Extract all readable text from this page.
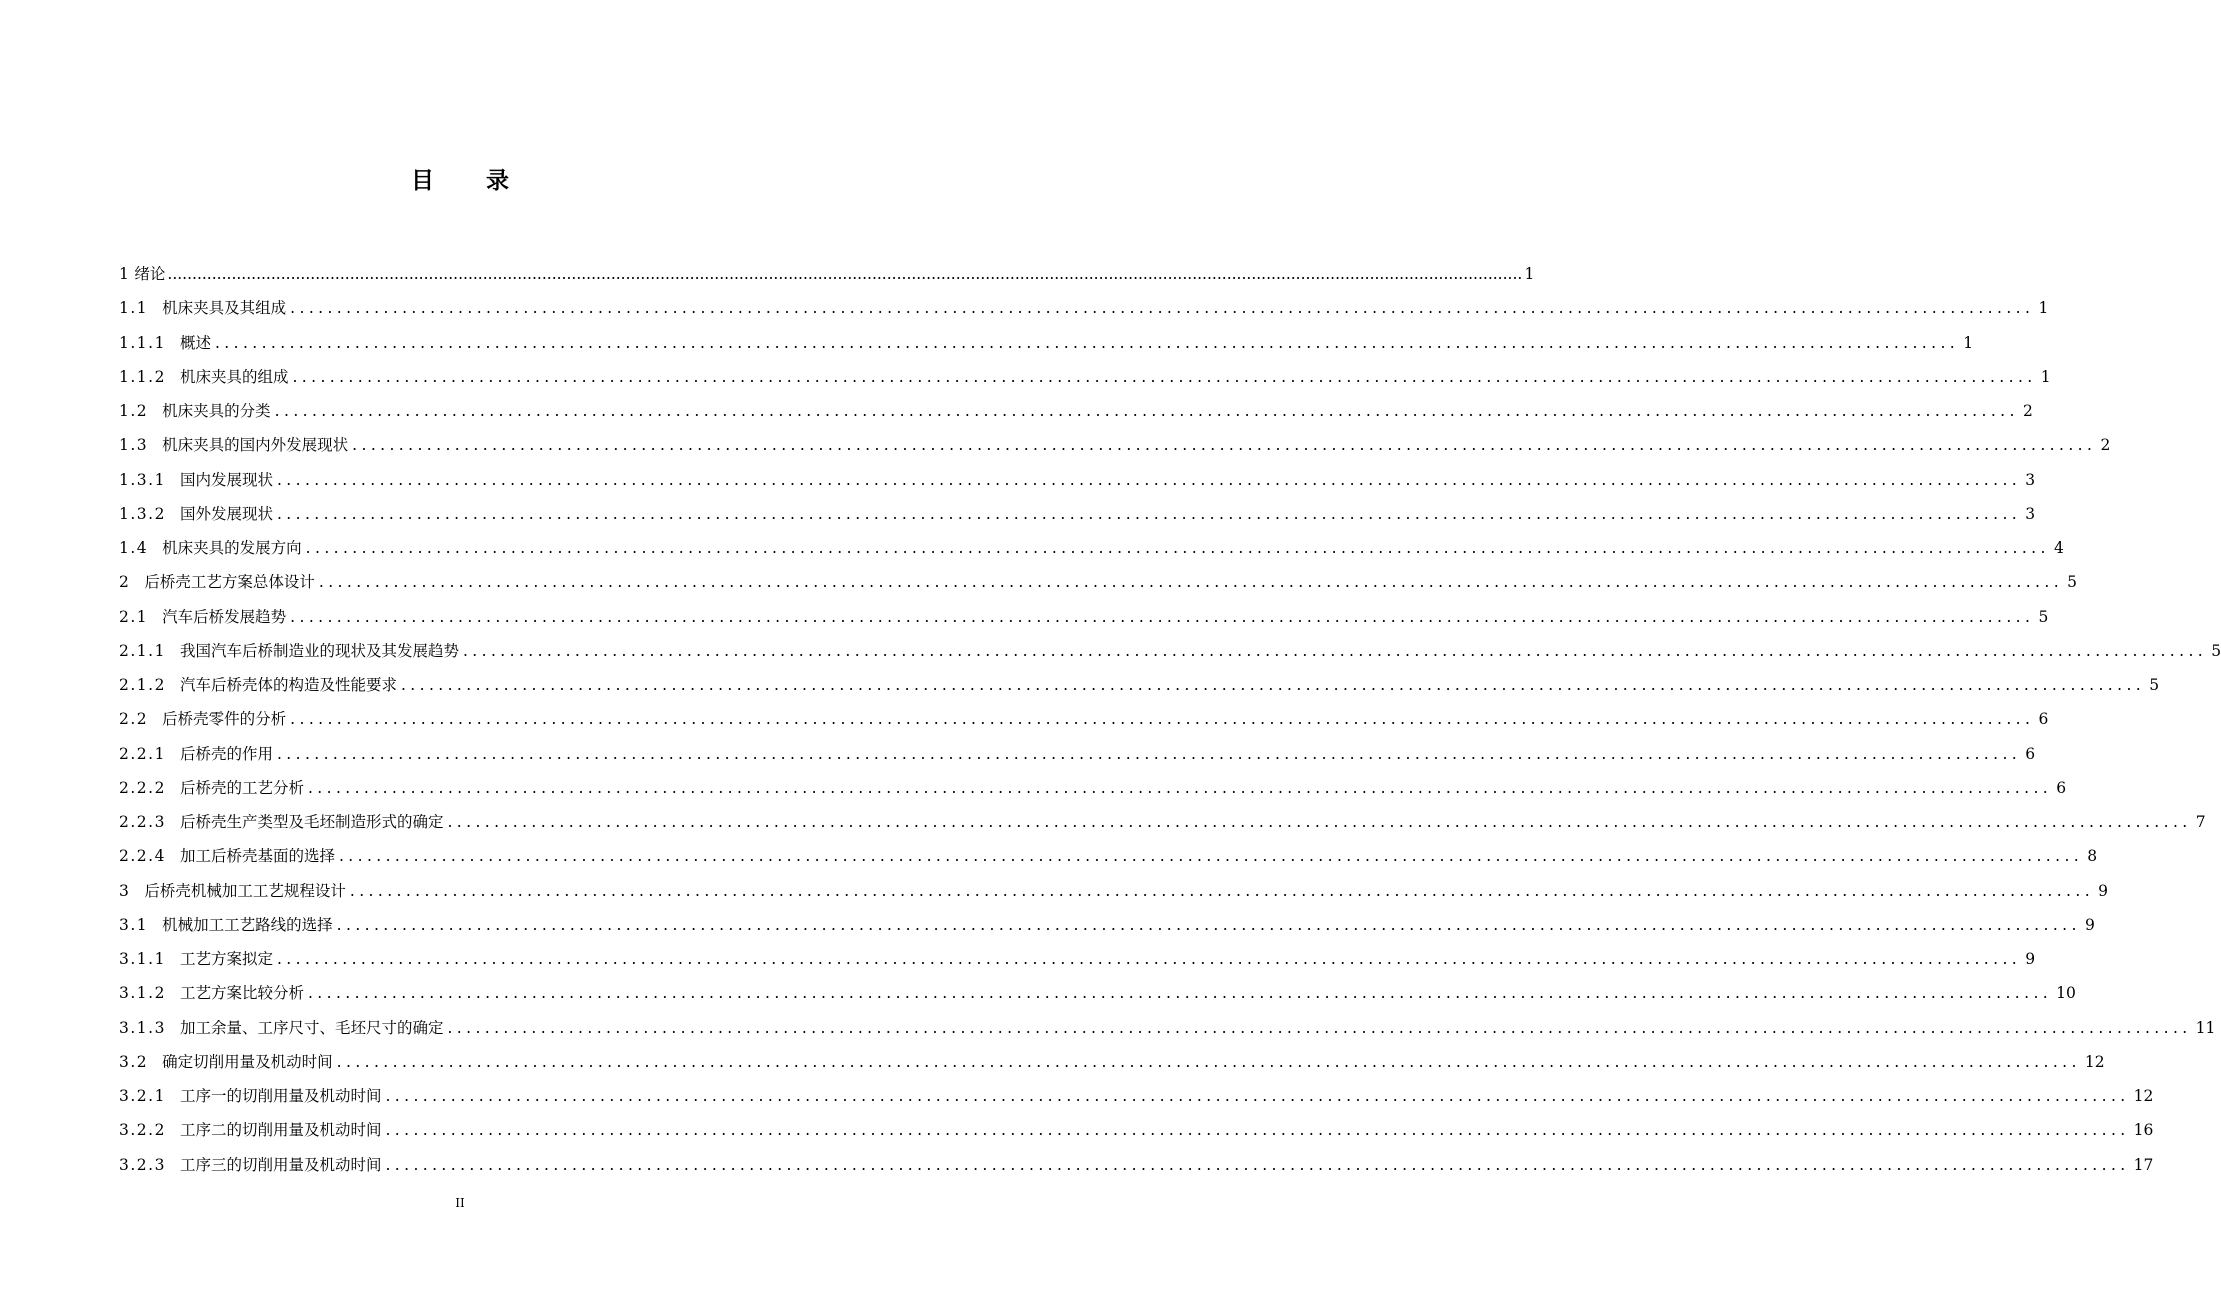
目 录
1 绪论 ................................................................................................................................................................................................................................................................................... 1
1.1 机床夹具及其组成 ........................................................................................................................................................................................... 1
1.1.1 概述 ........................................................................................................................................................................................... 1
1.1.2 机床夹具的组成 ........................................................................................................................................................................................... 1
1.2 机床夹具的分类 ........................................................................................................................................................................................... 2
1.3 机床夹具的国内外发展现状 ........................................................................................................................................................................................... 2
1.3.1 国内发展现状 ........................................................................................................................................................................................... 3
1.3.2 国外发展现状 ........................................................................................................................................................................................... 3
1.4 机床夹具的发展方向 ........................................................................................................................................................................................... 4
2 后桥壳工艺方案总体设计 ........................................................................................................................................................................................... 5
2.1 汽车后桥发展趋势 ........................................................................................................................................................................................... 5
2.1.1 我国汽车后桥制造业的现状及其发展趋势 ........................................................................................................................................................................................... 5
2.1.2 汽车后桥壳体的构造及性能要求 ........................................................................................................................................................................................... 5
2.2 后桥壳零件的分析 ........................................................................................................................................................................................... 6
2.2.1 后桥壳的作用 ........................................................................................................................................................................................... 6
2.2.2 后桥壳的工艺分析 ........................................................................................................................................................................................... 6
2.2.3 后桥壳生产类型及毛坯制造形式的确定 ........................................................................................................................................................................................... 7
2.2.4 加工后桥壳基面的选择 ........................................................................................................................................................................................... 8
3 后桥壳机械加工工艺规程设计 ........................................................................................................................................................................................... 9
3.1 机械加工工艺路线的选择 ........................................................................................................................................................................................... 9
3.1.1 工艺方案拟定 ........................................................................................................................................................................................... 9
3.1.2 工艺方案比较分析 ........................................................................................................................................................................................... 10
3.1.3 加工余量、工序尺寸、毛坯尺寸的确定 ........................................................................................................................................................................................... 11
3.2 确定切削用量及机动时间 ........................................................................................................................................................................................... 12
3.2.1 工序一的切削用量及机动时间 ........................................................................................................................................................................................... 12
3.2.2 工序二的切削用量及机动时间 ........................................................................................................................................................................................... 16
3.2.3 工序三的切削用量及机动时间 ........................................................................................................................................................................................... 17
II
